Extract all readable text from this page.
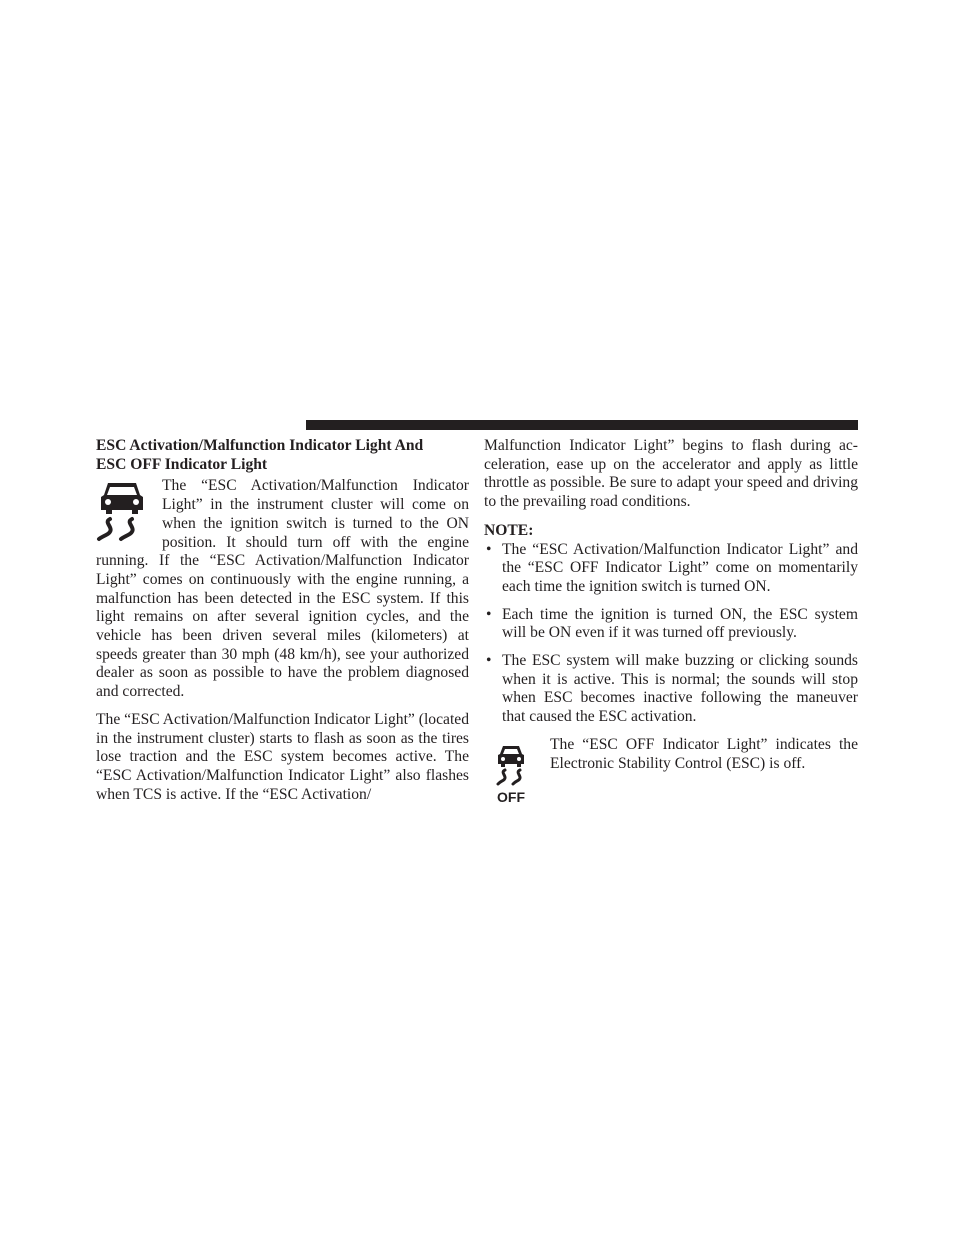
ESC Activation/Malfunction Indicator Light And
ESC OFF Indicator Light

The “ESC Activation/Malfunction Indicator Light” in the instrument cluster will come on when the ignition switch is turned to the ON position. It should turn off with the engine running. If the “ESC Activation/Malfunction Indicator Light” comes on continuously with the engine running, a malfunction has been detected in the ESC system. If this light remains on after several ignition cycles, and the vehicle has been driven several miles (kilometers) at speeds greater than 30 mph (48 km/h), see your authorized dealer as soon as possible to have the problem diagnosed and corrected.

The “ESC Activation/Malfunction Indicator Light” (located in the instrument cluster) starts to flash as soon as the tires lose traction and the ESC system becomes active. The “ESC Activation/Malfunction Indicator Light” also flashes when TCS is active. If the “ESC Activation/

Malfunction Indicator Light” begins to flash during acceleration, ease up on the accelerator and apply as little throttle as possible. Be sure to adapt your speed and driving to the prevailing road conditions.

NOTE:
• The “ESC Activation/Malfunction Indicator Light” and the “ESC OFF Indicator Light” come on momentarily each time the ignition switch is turned ON.
• Each time the ignition is turned ON, the ESC system will be ON even if it was turned off previously.
• The ESC system will make buzzing or clicking sounds when it is active. This is normal; the sounds will stop when ESC becomes inactive following the maneuver that caused the ESC activation.
OFF

The “ESC OFF Indicator Light” indicates the Electronic Stability Control (ESC) is off.
